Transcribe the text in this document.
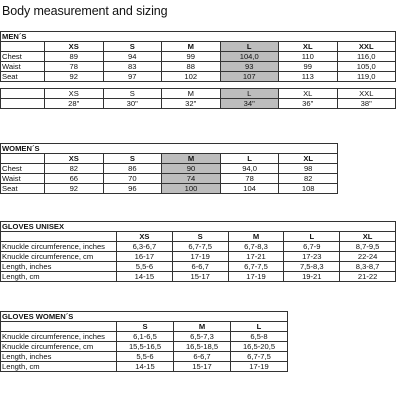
Body measurement and sizing
MEN´S						
	XS	S	M	L	XL	XXL
Chest	89	94	99	104,0	110	116,0
Waist	78	83	88	93	99	105,0
Seat	92	97	102	107	113	119,0

	XS	S	M	L	XL	XXL
	28"	30"	32"	34"	36"	38"
WOMEN´S					
	XS	S	M	L	XL
Chest	82	86	90	94,0	98
Waist	66	70	74	78	82
Seat	92	96	100	104	108
GLOVES UNISEX					
	XS	S	M	L	XL
Knuckle circumference, inches	6,3-6,7	6,7-7,5	6,7-8,3	6,7-9	8,7-9,5
Knuckle circumference, cm	16-17	17-19	17-21	17-23	22-24
Length, inches	5,5-6	6-6,7	6,7-7,5	7,5-8,3	8,3-8,7
Length, cm	14-15	15-17	17-19	19-21	21-22
GLOVES WOMEN´S			
	S	M	L
Knuckle circumference, inches	6,1-6,5	6,5-7,3	6,5-8
Knuckle circumference, cm	15,5-16,5	16,5-18,5	16,5-20,5
Length, inches	5,5-6	6-6,7	6,7-7,5
Length, cm	14-15	15-17	17-19
